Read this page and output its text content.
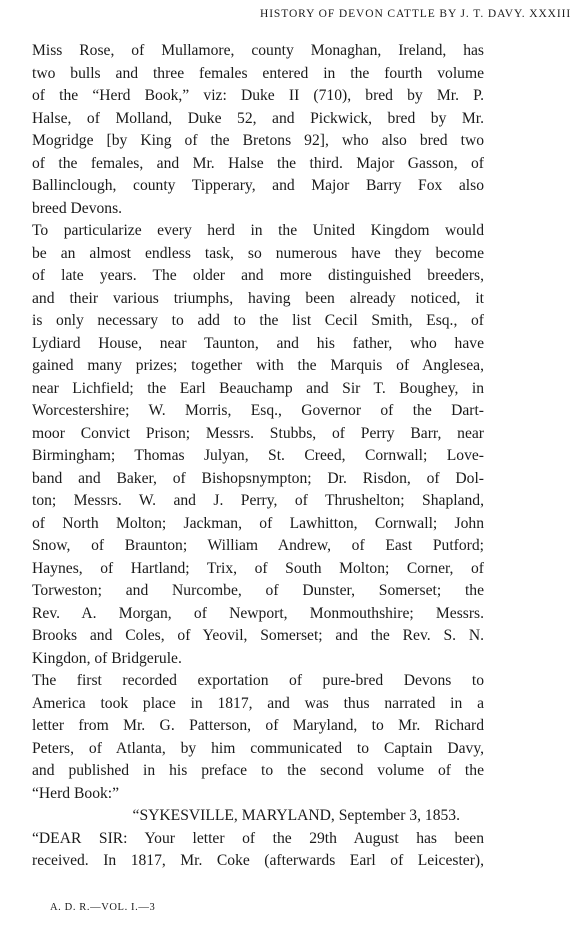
HISTORY OF DEVON CATTLE BY J. T. DAVY. XXXIII
Miss Rose, of Mullamore, county Monaghan, Ireland, has
two bulls and three females entered in the fourth volume
of the “Herd Book,” viz: Duke II (710), bred by Mr. P.
Halse, of Molland, Duke 52, and Pickwick, bred by Mr.
Mogridge [by King of the Bretons 92], who also bred two
of the females, and Mr. Halse the third. Major Gasson, of
Ballinclough, county Tipperary, and Major Barry Fox also
breed Devons.
To particularize every herd in the United Kingdom would
be an almost endless task, so numerous have they become
of late years. The older and more distinguished breeders,
and their various triumphs, having been already noticed, it
is only necessary to add to the list Cecil Smith, Esq., of
Lydiard House, near Taunton, and his father, who have
gained many prizes; together with the Marquis of Anglesea,
near Lichfield; the Earl Beauchamp and Sir T. Boughey, in
Worcestershire; W. Morris, Esq., Governor of the Dart-
moor Convict Prison; Messrs. Stubbs, of Perry Barr, near
Birmingham; Thomas Julyan, St. Creed, Cornwall; Love-
band and Baker, of Bishopsnympton; Dr. Risdon, of Dol-
ton; Messrs. W. and J. Perry, of Thrushelton; Shapland,
of North Molton; Jackman, of Lawhitton, Cornwall; John
Snow, of Braunton; William Andrew, of East Putford;
Haynes, of Hartland; Trix, of South Molton; Corner, of
Torweston; and Nurcombe, of Dunster, Somerset; the
Rev. A. Morgan, of Newport, Monmouthshire; Messrs.
Brooks and Coles, of Yeovil, Somerset; and the Rev. S. N.
Kingdon, of Bridgerule.
The first recorded exportation of pure-bred Devons to
America took place in 1817, and was thus narrated in a
letter from Mr. G. Patterson, of Maryland, to Mr. Richard
Peters, of Atlanta, by him communicated to Captain Davy,
and published in his preface to the second volume of the
“Herd Book:”
“SYKESVILLE, MARYLAND, September 3, 1853.
“DEAR SIR: Your letter of the 29th August has been
received. In 1817, Mr. Coke (afterwards Earl of Leicester),
A. D. R.—VOL. I.—3
